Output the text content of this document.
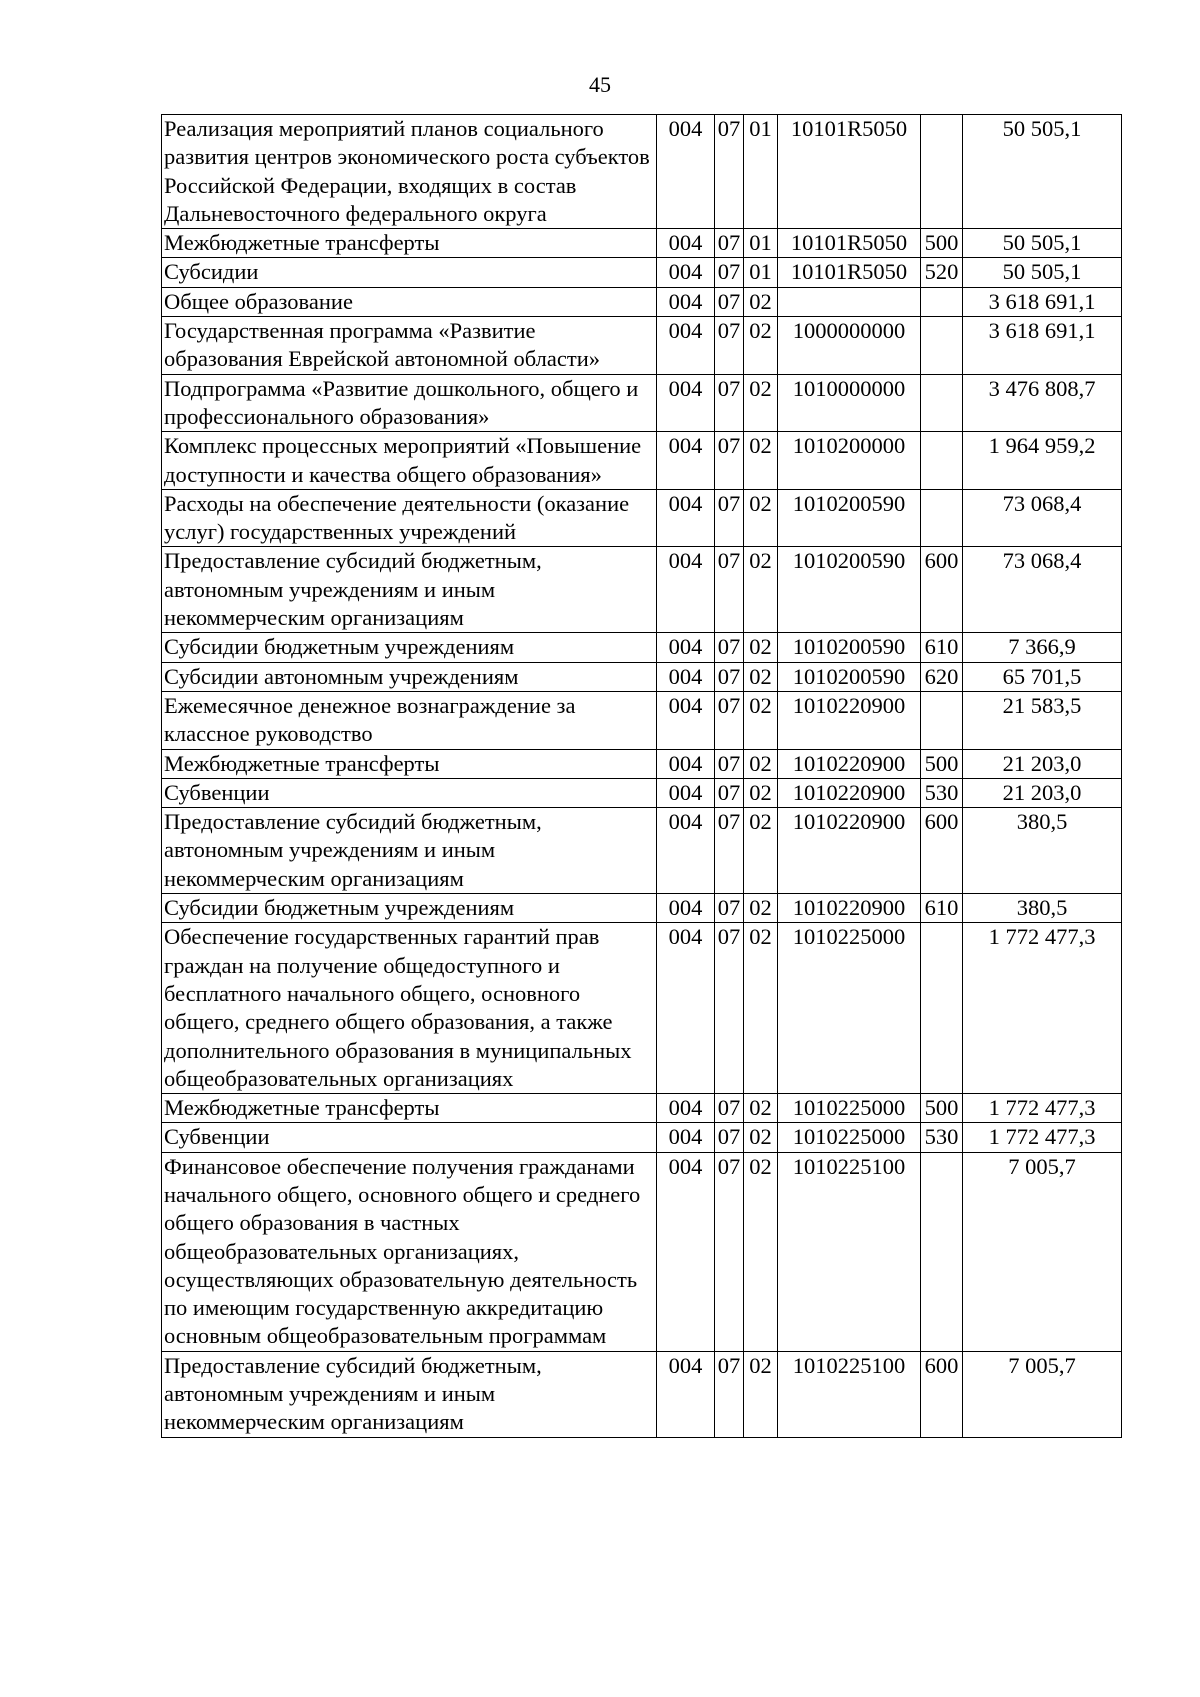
45
Реализация мероприятий планов социального развития центров экономического роста субъектов Российской Федерации, входящих в состав Дальневосточного федерального округа	004	07	01	10101R5050		50 505,1
Межбюджетные трансферты	004	07	01	10101R5050	500	50 505,1
Субсидии	004	07	01	10101R5050	520	50 505,1
Общее образование	004	07	02			3 618 691,1
Государственная программа «Развитие образования Еврейской автономной области»	004	07	02	1000000000		3 618 691,1
Подпрограмма «Развитие дошкольного, общего и профессионального образования»	004	07	02	1010000000		3 476 808,7
Комплекс процессных мероприятий «Повышение доступности и качества общего образования»	004	07	02	1010200000		1 964 959,2
Расходы на обеспечение деятельности (оказание услуг) государственных учреждений	004	07	02	1010200590		73 068,4
Предоставление субсидий бюджетным, автономным учреждениям и иным некоммерческим организациям	004	07	02	1010200590	600	73 068,4
Субсидии бюджетным учреждениям	004	07	02	1010200590	610	7 366,9
Субсидии автономным учреждениям	004	07	02	1010200590	620	65 701,5
Ежемесячное денежное вознаграждение за классное руководство	004	07	02	1010220900		21 583,5
Межбюджетные трансферты	004	07	02	1010220900	500	21 203,0
Субвенции	004	07	02	1010220900	530	21 203,0
Предоставление субсидий бюджетным, автономным учреждениям и иным некоммерческим организациям	004	07	02	1010220900	600	380,5
Субсидии бюджетным учреждениям	004	07	02	1010220900	610	380,5
Обеспечение государственных гарантий прав граждан на получение общедоступного и бесплатного начального общего, основного общего, среднего общего образования, а также дополнительного образования в муниципальных общеобразовательных организациях	004	07	02	1010225000		1 772 477,3
Межбюджетные трансферты	004	07	02	1010225000	500	1 772 477,3
Субвенции	004	07	02	1010225000	530	1 772 477,3
Финансовое обеспечение получения гражданами начального общего, основного общего и среднего общего образования в частных общеобразовательных организациях, осуществляющих образовательную деятельность по имеющим государственную аккредитацию основным общеобразовательным программам	004	07	02	1010225100		7 005,7
Предоставление субсидий бюджетным, автономным учреждениям и иным некоммерческим организациям	004	07	02	1010225100	600	7 005,7
